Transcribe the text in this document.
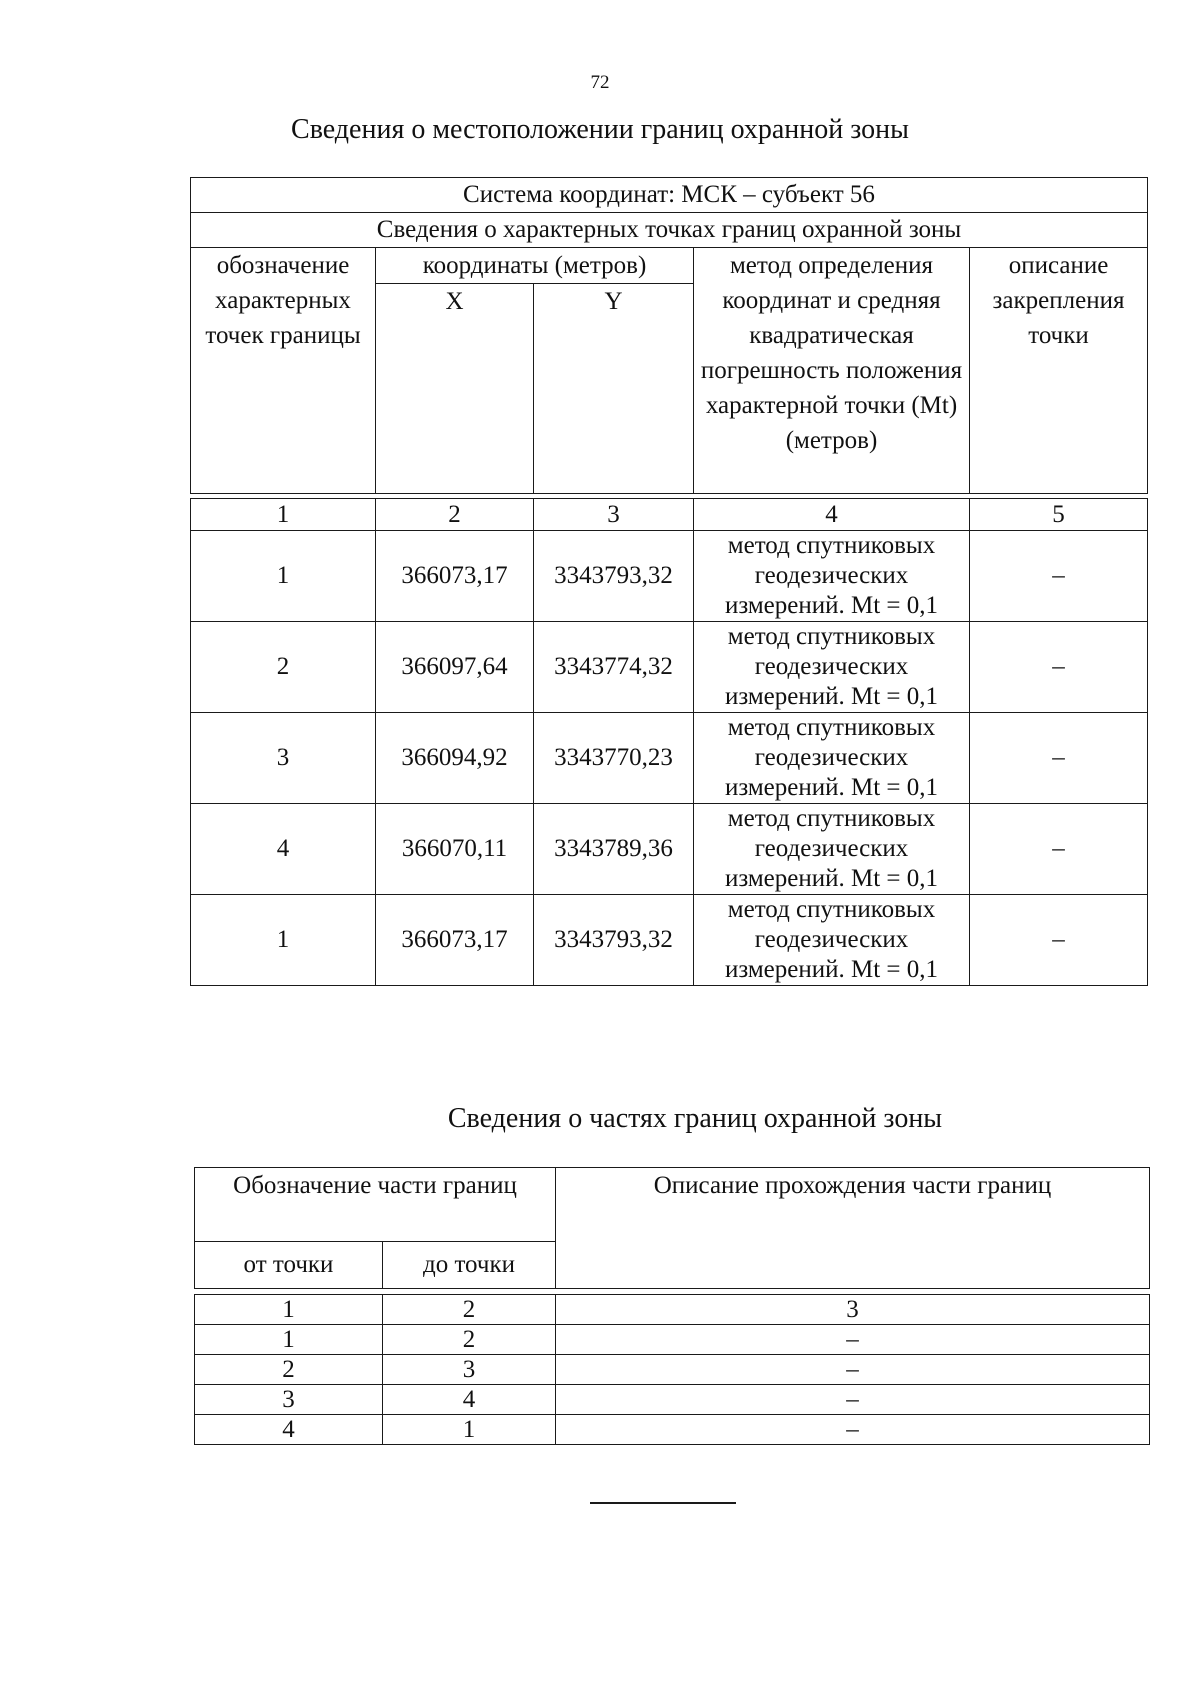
72
Сведения о местоположении границ охранной зоны
Система координат: МСК – субъект 56				
Сведения о характерных точках границ охранной зоны				
обозначение характерных точек границы	координаты (метров)		метод определения координат и средняя квадратическая погрешность положения характерной точки (Mt) (метров)	описание закрепления точки
	X	Y		

1	2	3	4	5
1	366073,17	3343793,32	метод спутниковых геодезических измерений. Mt = 0,1	–
2	366097,64	3343774,32	метод спутниковых геодезических измерений. Mt = 0,1	–
3	366094,92	3343770,23	метод спутниковых геодезических измерений. Mt = 0,1	–
4	366070,11	3343789,36	метод спутниковых геодезических измерений. Mt = 0,1	–
1	366073,17	3343793,32	метод спутниковых геодезических измерений. Mt = 0,1	–
Сведения о частях границ охранной зоны
Обозначение части границ		Описание прохождения части границ
от точки	до точки	

1	2	3
1	2	–
2	3	–
3	4	–
4	1	–
